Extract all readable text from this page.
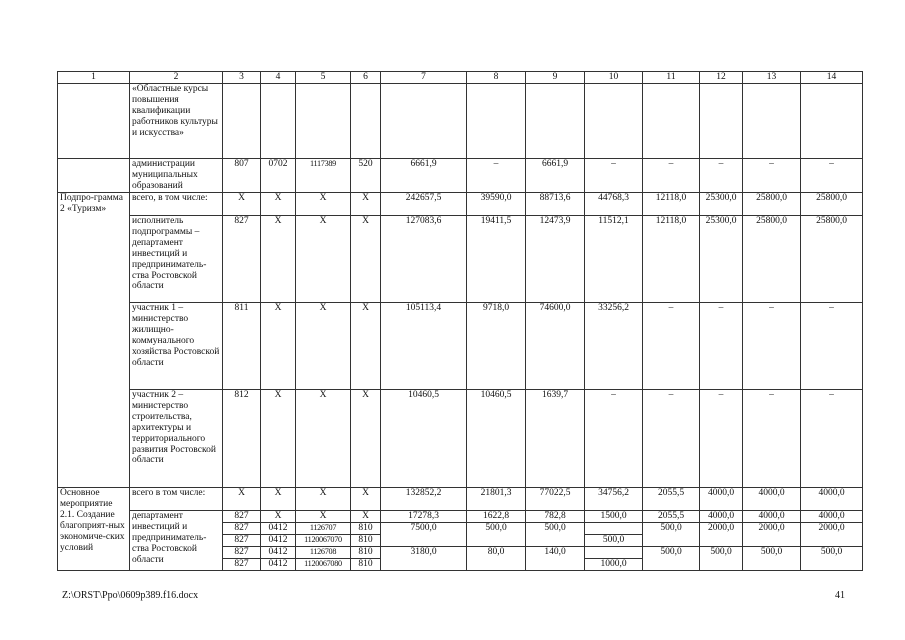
1	2	3	4	5	6	7	8	9	10	11	12	13	14
	«Областные курсы повышения квалификации работников культуры и искусства»												
	администрации муниципальных образований	807	0702	1117389	520	6661,9	–	6661,9	–	–	–	–	–
Подпро-грамма 2 «Туризм»	всего, в том числе:	Х	Х	Х	Х	242657,5	39590,0	88713,6	44768,3	12118,0	25300,0	25800,0	25800,0
	исполнитель подпрограммы – департамент инвестиций и предприниматель-ства Ростовской области	827	Х	Х	Х	127083,6	19411,5	12473,9	11512,1	12118,0	25300,0	25800,0	25800,0
	участник 1 – министерство жилищно-коммунального хозяйства Ростовской области	811	Х	Х	Х	105113,4	9718,0	74600,0	33256,2	–	–	–	–
	участник 2 – министерство строительства, архитектуры и территориального развития Ростовской области	812	Х	Х	Х	10460,5	10460,5	1639,7	–	–	–	–	–
Основное мероприятие 2.1. Создание благоприят-ных экономиче-ских условий	всего в том числе:	Х	Х	Х	Х	132852,2	21801,3	77022,5	34756,2	2055,5	4000,0	4000,0	4000,0
	департамент инвестиций и предприниматель-ства Ростовской области	827	Х	Х	Х	17278,3	1622,8	782,8	1500,0	2055,5	4000,0	4000,0	4000,0
		827	0412	1126707	810	7500,0	500,0	500,0		500,0	2000,0	2000,0	2000,0
		827	0412	1120067070	810				500,0				
		827	0412	1126708	810	3180,0	80,0	140,0		500,0	500,0	500,0	500,0
		827	0412	1120067080	810				1000,0				
Z:\ORST\Ppo\0609p389.f16.docx	41
